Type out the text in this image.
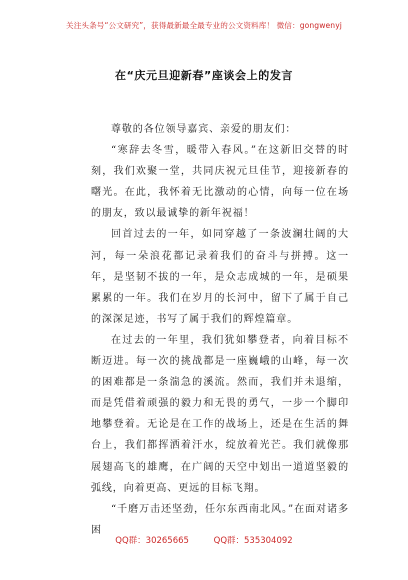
关注头条号“公文研究”，获得最新最全最专业的公文资料库！ 微信：gongwenyj
在“庆元旦迎新春”座谈会上的发言

尊敬的各位领导嘉宾、亲爱的朋友们：

“寒辞去冬雪，暖带入春风。”在这新旧交替的时刻，我们欢聚一堂，共同庆祝元旦佳节，迎接新春的曙光。在此，我怀着无比激动的心情，向每一位在场的朋友，致以最诚挚的新年祝福！

回首过去的一年，如同穿越了一条波澜壮阔的大河，每一朵浪花都记录着我们的奋斗与拼搏。这一年，是坚韧不拔的一年，是众志成城的一年，是硕果累累的一年。我们在岁月的长河中，留下了属于自己的深深足迹，书写了属于我们的辉煌篇章。

在过去的一年里，我们犹如攀登者，向着目标不断迈进。每一次的挑战都是一座巍峨的山峰，每一次的困难都是一条湍急的溪流。然而，我们并未退缩，而是凭借着顽强的毅力和无畏的勇气，一步一个脚印地攀登着。无论是在工作的战场上，还是在生活的舞台上，我们都挥洒着汗水，绽放着光芒。我们就像那展翅高飞的雄鹰，在广阔的天空中划出一道道坚毅的弧线，向着更高、更远的目标飞翔。

“千磨万击还坚劲，任尔东西南北风。”在面对诸多困

QQ群：30265665	QQ群：535304092
